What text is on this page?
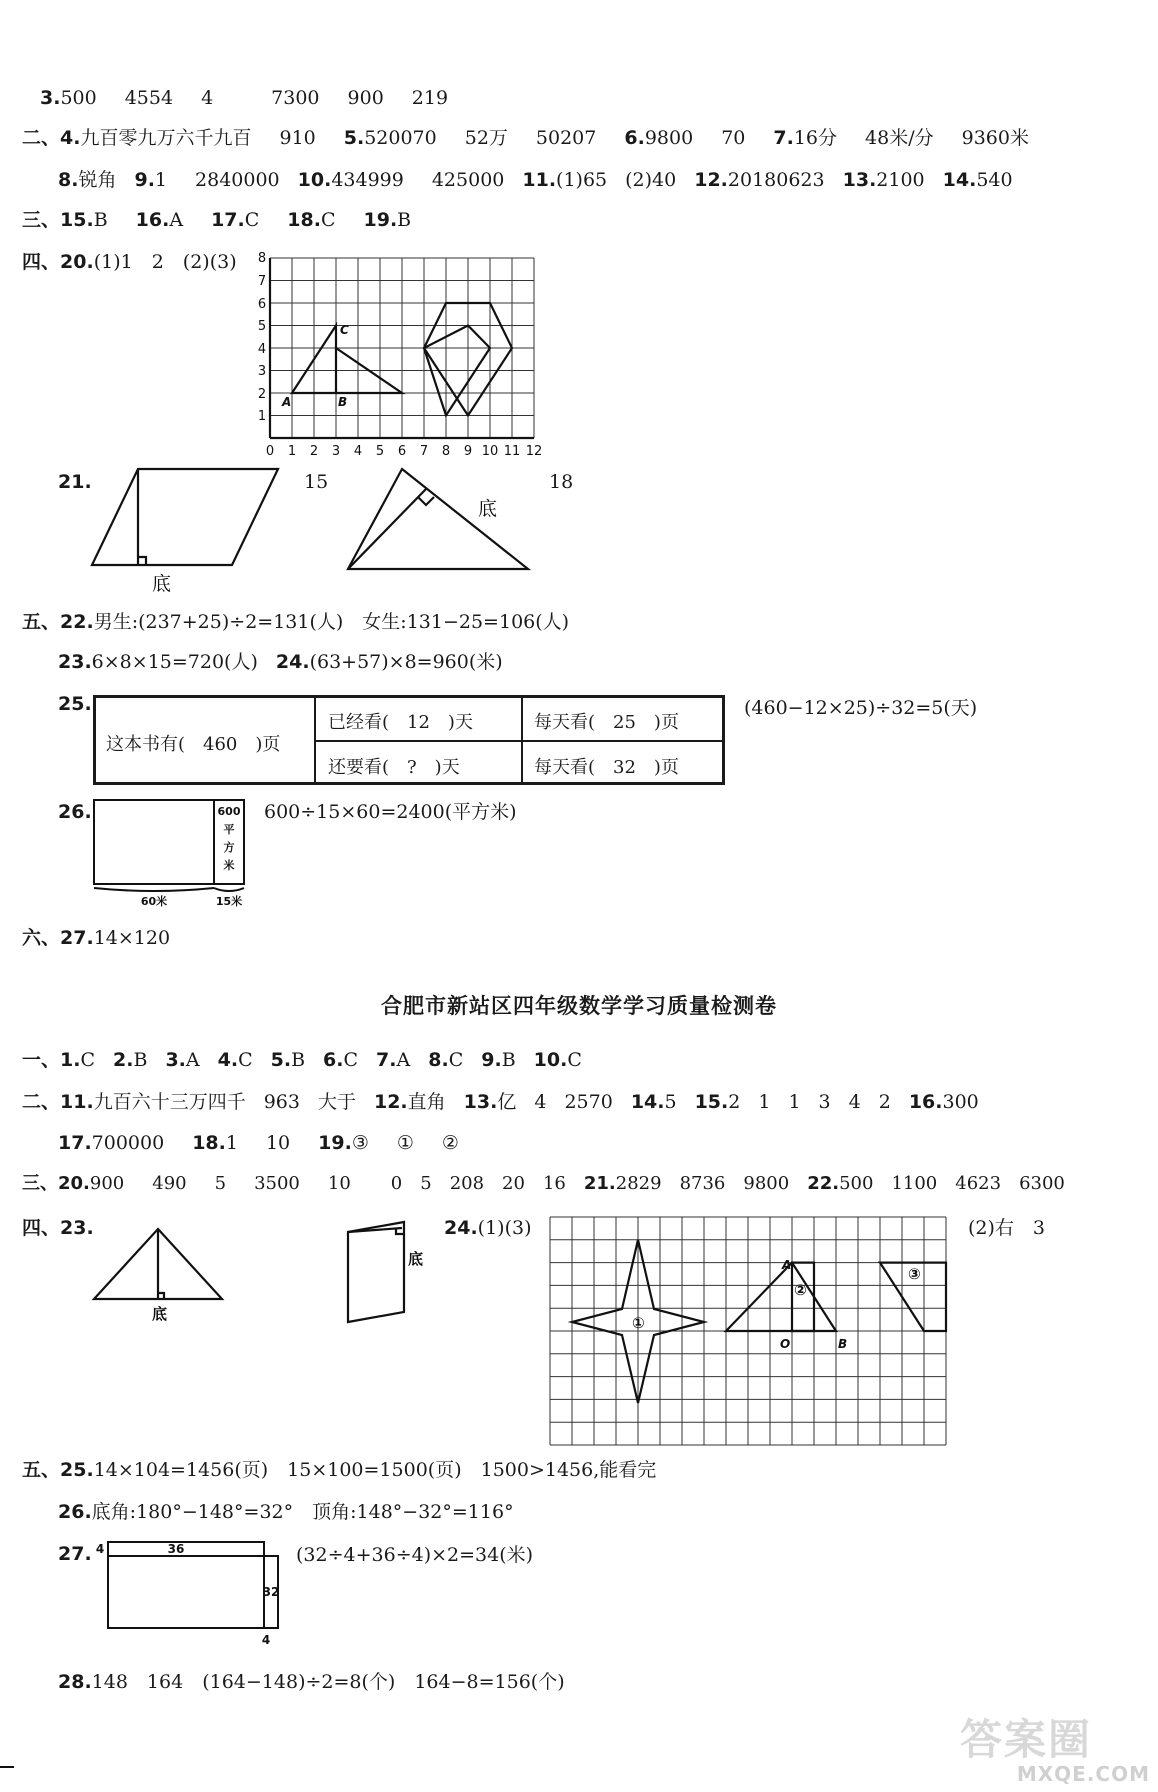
3.500 4554 4	7300 900 219
二、4.九百零九万六千九百 910 5.520070 52万 50207 6.9800 70 7.16分 48米/分 9360米
8.锐角 9.1 2840000 10.434999 425000 11.(1)65 (2)40 12.20180623 13.2100 14.540
三、15.B 16.A 17.C 18.C 19.B
四、20.(1)1　2　(2)(3)
0 1 2 3 4 5 6 7 8 9 10 11 12
1
2
3
4
5
6
7
8
A	B
C
21.
底
15
底
18
五、22.男生:(237+25)÷2=131(人)　女生:131−25=106(人)
23.6×8×15=720(人) 24.(63+57)×8=960(米)
25.
这本书有(　460　)页
已经看(　12　)天	每天看(　25　)页
还要看(　?　)天	每天看(　32　)页
(460−12×25)÷32=5(天)
26.	600
平
方
米
60米	15米
600÷15×60=2400(平方米)
六、27.14×120
合肥市新站区四年级数学学习质量检测卷
一、1.C 2.B 3.A 4.C 5.B 6.C 7.A 8.C 9.B 10.C
二、11.九百六十三万四千 963 大于 12.直角 13.亿 4 2570 14.5 15.2 1 1 3 4 2 16.300
17.700000 18.1 10 19.③ ① ②
三、20.900 490 5 3500 10 0 5 208 20 16 21.2829 8736 9800 22.500 1100 4623 6300
四、23.
底
底
24.(1)(3)
①
②
③
A
O	B
(2)右　3
五、25.14×104=1456(页)　15×100=1500(页)　1500>1456,能看完
26.底角:180°−148°=32°　顶角:148°−32°=116°
27. 4	36
32
4
(32÷4+36÷4)×2=34(米)
28.148　164　(164−148)÷2=8(个)　164−8=156(个)
答案圈
MXQE.COM
